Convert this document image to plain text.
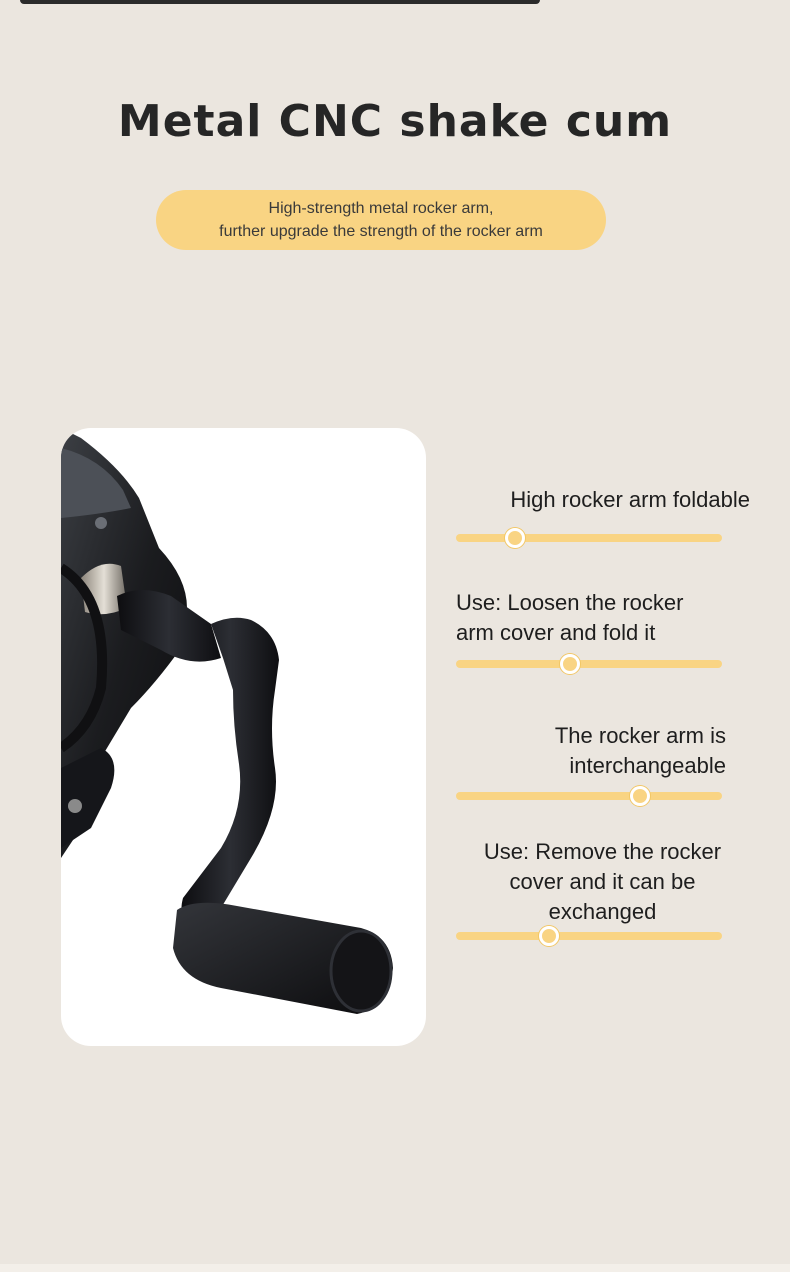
Metal CNC shake cum
High-strength metal rocker arm,
further upgrade the strength of the rocker arm
High rocker arm foldable
Use: Loosen the rocker
arm cover and fold it
The rocker arm is
interchangeable
Use: Remove the rocker
cover and it can be
exchanged
